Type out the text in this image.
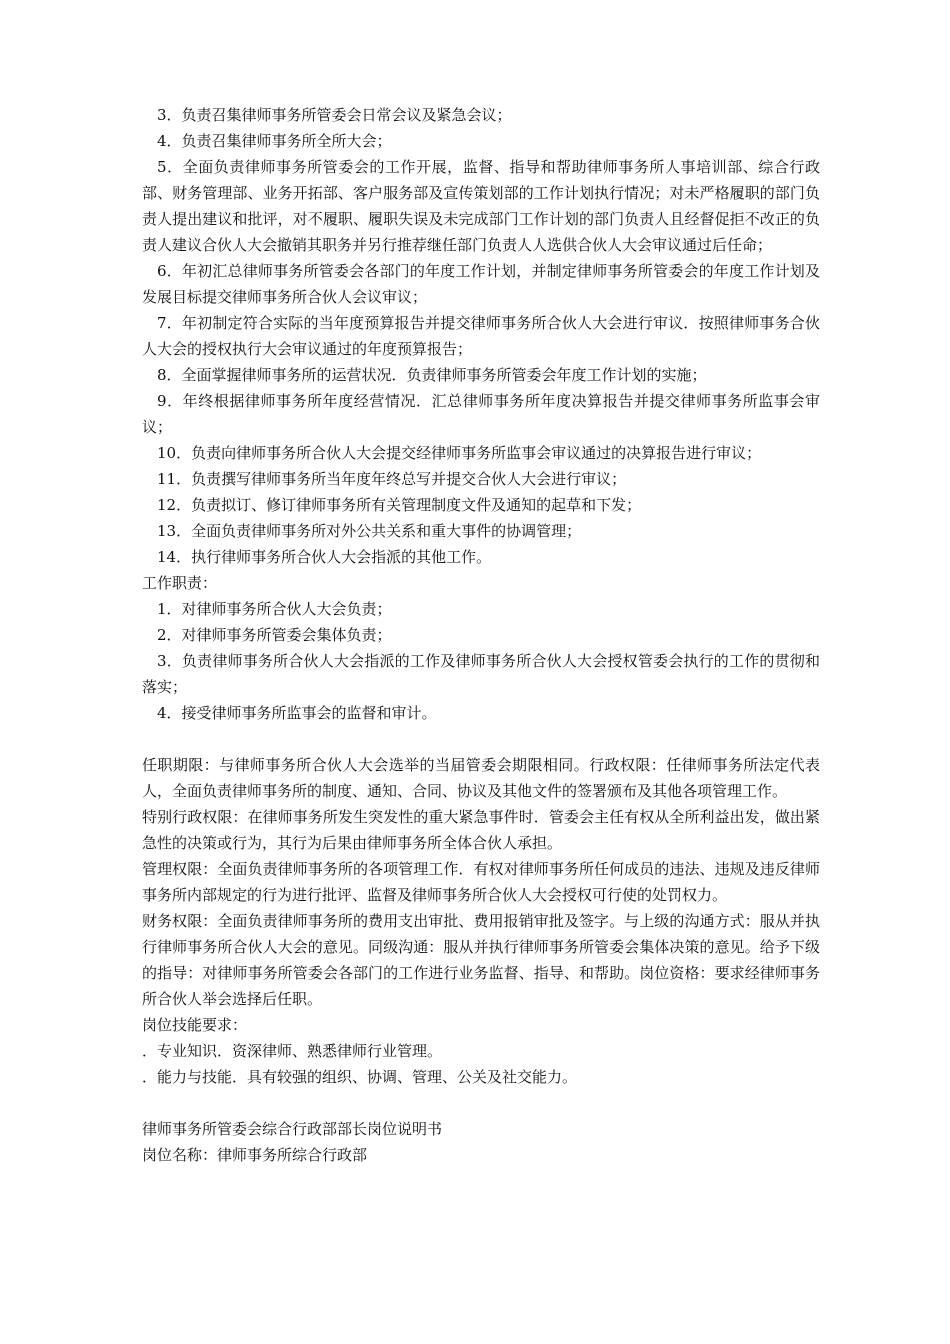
3．负责召集律师事务所管委会日常会议及紧急会议；

4．负责召集律师事务所全所大会；

5．全面负责律师事务所管委会的工作开展，监督、指导和帮助律师事务所人事培训部、综合行政部、财务管理部、业务开拓部、客户服务部及宣传策划部的工作计划执行情况；对未严格履职的部门负责人提出建议和批评，对不履职、履职失误及未完成部门工作计划的部门负责人且经督促拒不改正的负责人建议合伙人大会撤销其职务并另行推荐继任部门负责人人选供合伙人大会审议通过后任命；

6．年初汇总律师事务所管委会各部门的年度工作计划，并制定律师事务所管委会的年度工作计划及发展目标提交律师事务所合伙人会议审议；

7．年初制定符合实际的当年度预算报告并提交律师事务所合伙人大会进行审议．按照律师事务合伙人大会的授权执行大会审议通过的年度预算报告；

8．全面掌握律师事务所的运营状况．负责律师事务所管委会年度工作计划的实施；

9．年终根据律师事务所年度经营情况．汇总律师事务所年度决算报告并提交律师事务所监事会审议；

10．负责向律师事务所合伙人大会提交经律师事务所监事会审议通过的决算报告进行审议；

11．负责撰写律师事务所当年度年终总写并提交合伙人大会进行审议；

12．负责拟订、修订律师事务所有关管理制度文件及通知的起草和下发；

13．全面负责律师事务所对外公共关系和重大事件的协调管理；

14．执行律师事务所合伙人大会指派的其他工作。

工作职责：

1．对律师事务所合伙人大会负责；

2．对律师事务所管委会集体负责；

3．负责律师事务所合伙人大会指派的工作及律师事务所合伙人大会授权管委会执行的工作的贯彻和落实；

4．接受律师事务所监事会的监督和审计。

任职期限：与律师事务所合伙人大会选举的当届管委会期限相同。行政权限：任律师事务所法定代表人，全面负责律师事务所的制度、通知、合同、协议及其他文件的签署颁布及其他各项管理工作。

特别行政权限：在律师事务所发生突发性的重大紧急事件时．管委会主任有权从全所利益出发，做出紧急性的决策或行为，其行为后果由律师事务所全体合伙人承担。

管理权限：全面负责律师事务所的各项管理工作．有权对律师事务所任何成员的违法、违规及违反律师事务所内部规定的行为进行批评、监督及律师事务所合伙人大会授权可行使的处罚权力。

财务权限：全面负责律师事务所的费用支出审批、费用报销审批及签字。与上级的沟通方式：服从并执行律师事务所合伙人大会的意见。同级沟通：服从并执行律师事务所管委会集体决策的意见。给予下级的指导：对律师事务所管委会各部门的工作进行业务监督、指导、和帮助。岗位资格：要求经律师事务所合伙人举会选择后任职。

岗位技能要求：

．专业知识．资深律师、熟悉律师行业管理。

．能力与技能．具有较强的组织、协调、管理、公关及社交能力。

律师事务所管委会综合行政部部长岗位说明书

岗位名称：律师事务所综合行政部
